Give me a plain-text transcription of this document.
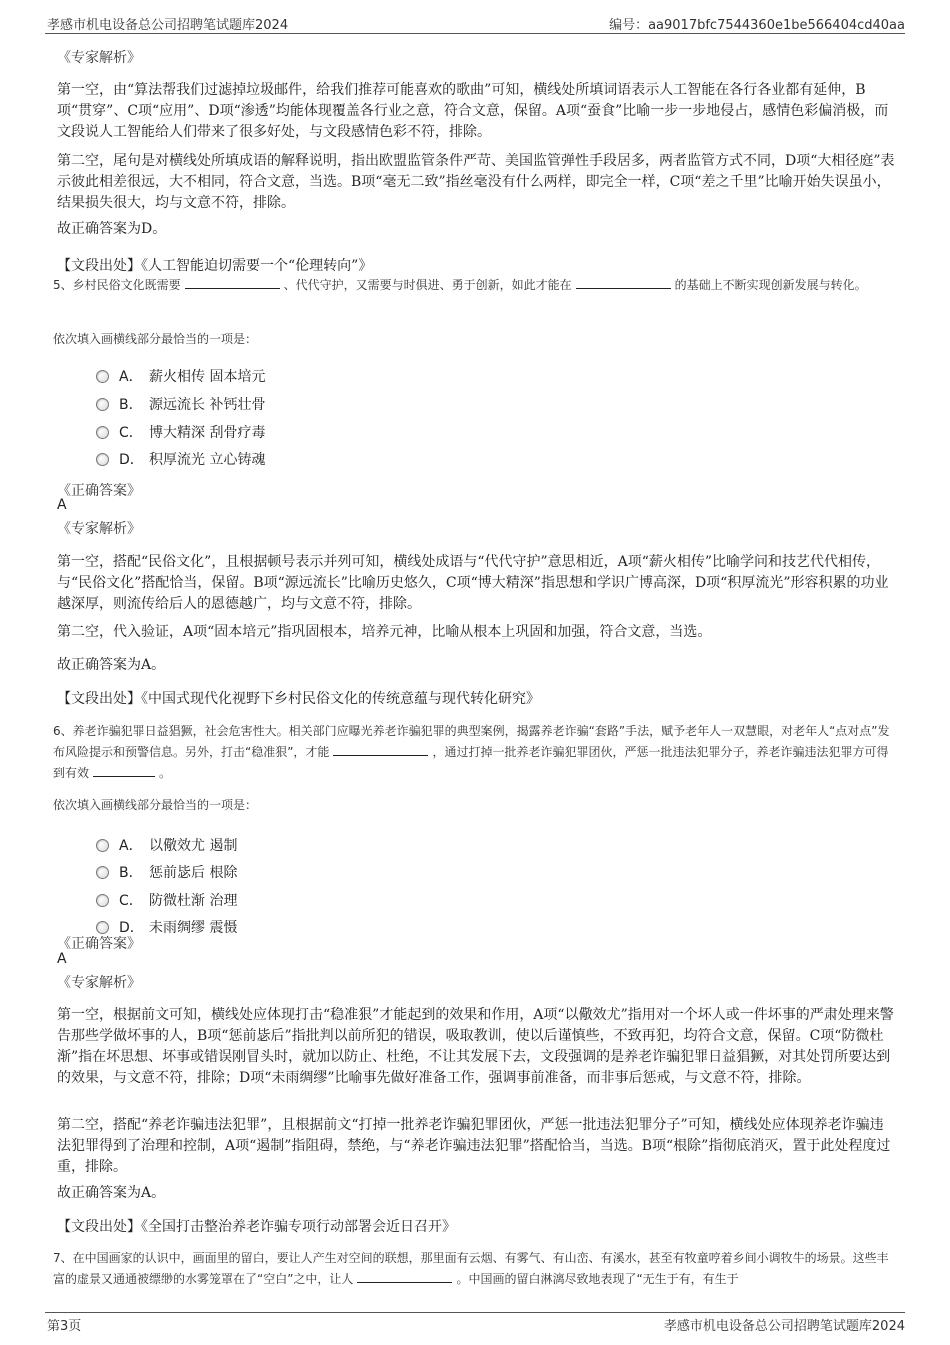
孝感市机电设备总公司招聘笔试题库2024	编号：aa9017bfc7544360e1be566404cd40aa
《专家解析》
第一空，由“算法帮我们过滤掉垃圾邮件，给我们推荐可能喜欢的歌曲”可知，横线处所填词语表示人工智能在各行各业都有延伸，B项“贯穿”、C项“应用”、D项“渗透”均能体现覆盖各行业之意，符合文意，保留。A项“蚕食”比喻一步一步地侵占，感情色彩偏消极，而文段说人工智能给人们带来了很多好处，与文段感情色彩不符，排除。
第二空，尾句是对横线处所填成语的解释说明，指出欧盟监管条件严苛、美国监管弹性手段居多，两者监管方式不同，D项“大相径庭”表示彼此相差很远，大不相同，符合文意，当选。B项“毫无二致”指丝毫没有什么两样，即完全一样，C项“差之千里”比喻开始失误虽小，结果损失很大，均与文意不符，排除。
故正确答案为D。
【文段出处】《人工智能迫切需要一个“伦理转向”》
5、乡村民俗文化既需要	、代代守护，又需要与时俱进、勇于创新，如此才能在	的基础上不断实现创新发展与转化。
依次填入画横线部分最恰当的一项是：
A． 薪火相传 固本培元
B． 源远流长 补钙壮骨
C． 博大精深 刮骨疗毒
D． 积厚流光 立心铸魂
《正确答案》
A
《专家解析》
第一空，搭配“民俗文化”，且根据顿号表示并列可知，横线处成语与“代代守护”意思相近，A项“薪火相传”比喻学问和技艺代代相传，与“民俗文化”搭配恰当，保留。B项“源远流长”比喻历史悠久，C项“博大精深”指思想和学识广博高深，D项“积厚流光”形容积累的功业越深厚，则流传给后人的恩德越广，均与文意不符，排除。
第二空，代入验证，A项“固本培元”指巩固根本，培养元神，比喻从根本上巩固和加强，符合文意，当选。
故正确答案为A。
【文段出处】《中国式现代化视野下乡村民俗文化的传统意蕴与现代转化研究》
6、养老诈骗犯罪日益猖獗，社会危害性大。相关部门应曝光养老诈骗犯罪的典型案例，揭露养老诈骗“套路”手法，赋予老年人一双慧眼，对老年人“点对点”发布风险提示和预警信息。另外，打击“稳准狠”，才能	，通过打掉一批养老诈骗犯罪团伙，严惩一批违法犯罪分子，养老诈骗违法犯罪方可得到有效	。
依次填入画横线部分最恰当的一项是：
A． 以儆效尤 遏制
B． 惩前毖后 根除
C． 防微杜渐 治理
D． 未雨绸缪 震慑
《正确答案》
A
《专家解析》
第一空，根据前文可知，横线处应体现打击“稳准狠”才能起到的效果和作用，A项“以儆效尤”指用对一个坏人或一件坏事的严肃处理来警告那些学做坏事的人，B项“惩前毖后”指批判以前所犯的错误，吸取教训，使以后谨慎些，不致再犯，均符合文意，保留。C项“防微杜渐”指在坏思想、坏事或错误刚冒头时，就加以防止、杜绝，不让其发展下去，文段强调的是养老诈骗犯罪日益猖獗，对其处罚所要达到的效果，与文意不符，排除；D项“未雨绸缪”比喻事先做好准备工作，强调事前准备，而非事后惩戒，与文意不符，排除。
第二空，搭配“养老诈骗违法犯罪”，且根据前文“打掉一批养老诈骗犯罪团伙，严惩一批违法犯罪分子”可知，横线处应体现养老诈骗违法犯罪得到了治理和控制，A项“遏制”指阻碍，禁绝，与“养老诈骗违法犯罪”搭配恰当，当选。B项“根除”指彻底消灭，置于此处程度过重，排除。
故正确答案为A。
【文段出处】《全国打击整治养老诈骗专项行动部署会近日召开》
7、在中国画家的认识中，画面里的留白，要让人产生对空间的联想，那里面有云烟、有雾气、有山峦、有溪水，甚至有牧童哼着乡间小调牧牛的场景。这些丰富的虚景又通通被缥缈的水雾笼罩在了“空白”之中，让人	。中国画的留白淋漓尽致地表现了“无生于有，有生于
第3页	孝感市机电设备总公司招聘笔试题库2024
